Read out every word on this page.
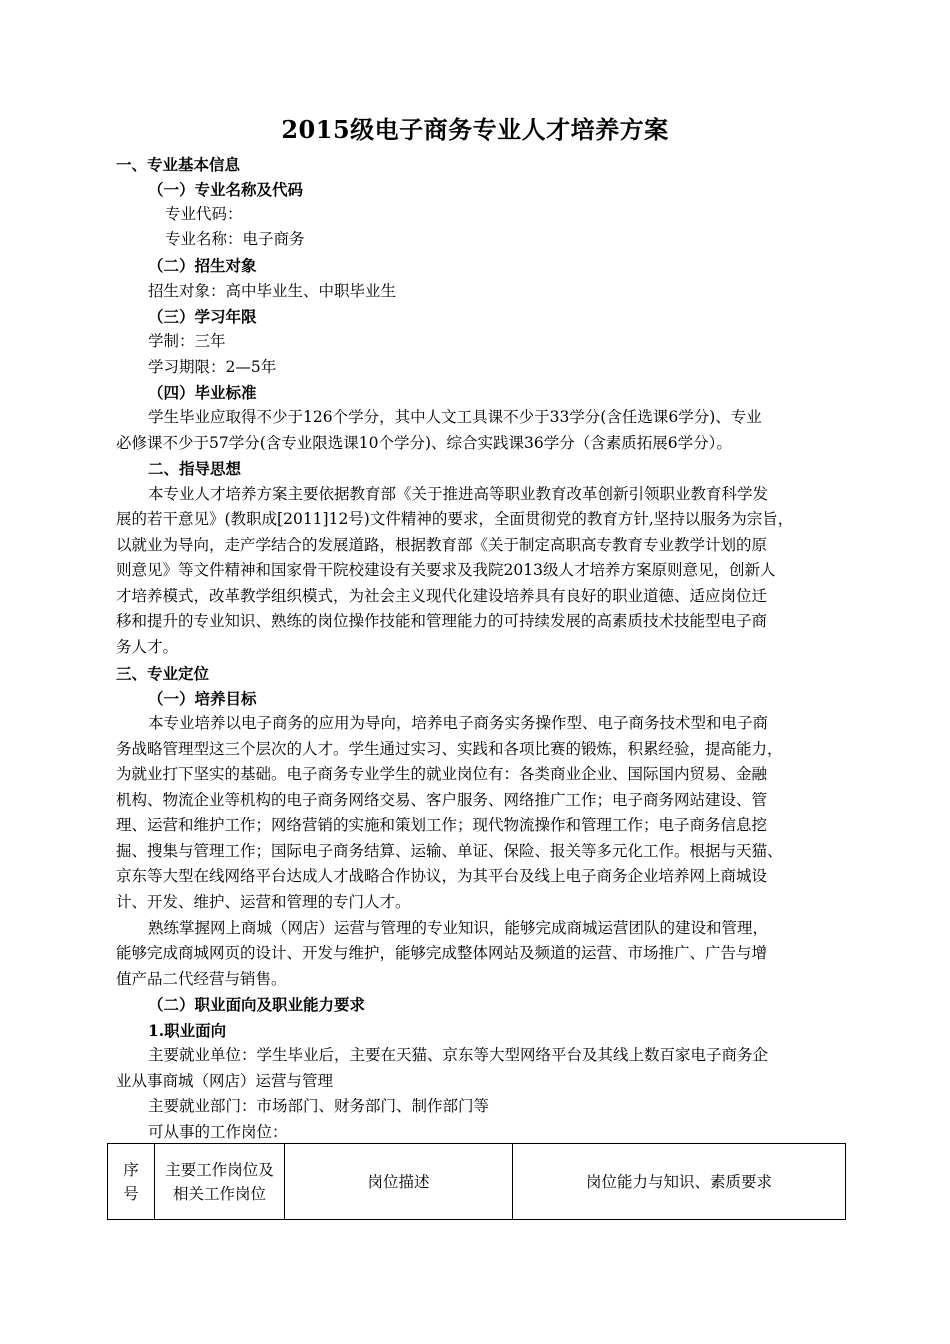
2015级电子商务专业人才培养方案
一、专业基本信息
（一）专业名称及代码
专业代码：
专业名称：电子商务
（二）招生对象
招生对象：高中毕业生、中职毕业生
（三）学习年限
学制：三年
学习期限：2—5年
（四）毕业标准
学生毕业应取得不少于126个学分，其中人文工具课不少于33学分(含任选课6学分)、专业
必修课不少于57学分(含专业限选课10个学分)、综合实践课36学分（含素质拓展6学分）。
二、指导思想
本专业人才培养方案主要依据教育部《关于推进高等职业教育改革创新引领职业教育科学发
展的若干意见》(教职成[2011]12号)文件精神的要求，全面贯彻党的教育方针,坚持以服务为宗旨，
以就业为导向，走产学结合的发展道路，根据教育部《关于制定高职高专教育专业教学计划的原
则意见》等文件精神和国家骨干院校建设有关要求及我院2013级人才培养方案原则意见，创新人
才培养模式，改革教学组织模式，为社会主义现代化建设培养具有良好的职业道德、适应岗位迁
移和提升的专业知识、熟练的岗位操作技能和管理能力的可持续发展的高素质技术技能型电子商
务人才。
三、专业定位
（一）培养目标
本专业培养以电子商务的应用为导向，培养电子商务实务操作型、电子商务技术型和电子商
务战略管理型这三个层次的人才。学生通过实习、实践和各项比赛的锻炼，积累经验，提高能力，
为就业打下坚实的基础。电子商务专业学生的就业岗位有：各类商业企业、国际国内贸易、金融
机构、物流企业等机构的电子商务网络交易、客户服务、网络推广工作；电子商务网站建设、管
理、运营和维护工作；网络营销的实施和策划工作；现代物流操作和管理工作；电子商务信息挖
掘、搜集与管理工作；国际电子商务结算、运输、单证、保险、报关等多元化工作。根据与天猫、
京东等大型在线网络平台达成人才战略合作协议，为其平台及线上电子商务企业培养网上商城设
计、开发、维护、运营和管理的专门人才。
熟练掌握网上商城（网店）运营与管理的专业知识，能够完成商城运营团队的建设和管理，
能够完成商城网页的设计、开发与维护，能够完成整体网站及频道的运营、市场推广、广告与增
值产品二代经营与销售。
（二）职业面向及职业能力要求
1.职业面向
主要就业单位：学生毕业后，主要在天猫、京东等大型网络平台及其线上数百家电子商务企
业从事商城（网店）运营与管理
主要就业部门：市场部门、财务部门、制作部门等
可从事的工作岗位：
序号	主要工作岗位及相关工作岗位	岗位描述	岗位能力与知识、素质要求
